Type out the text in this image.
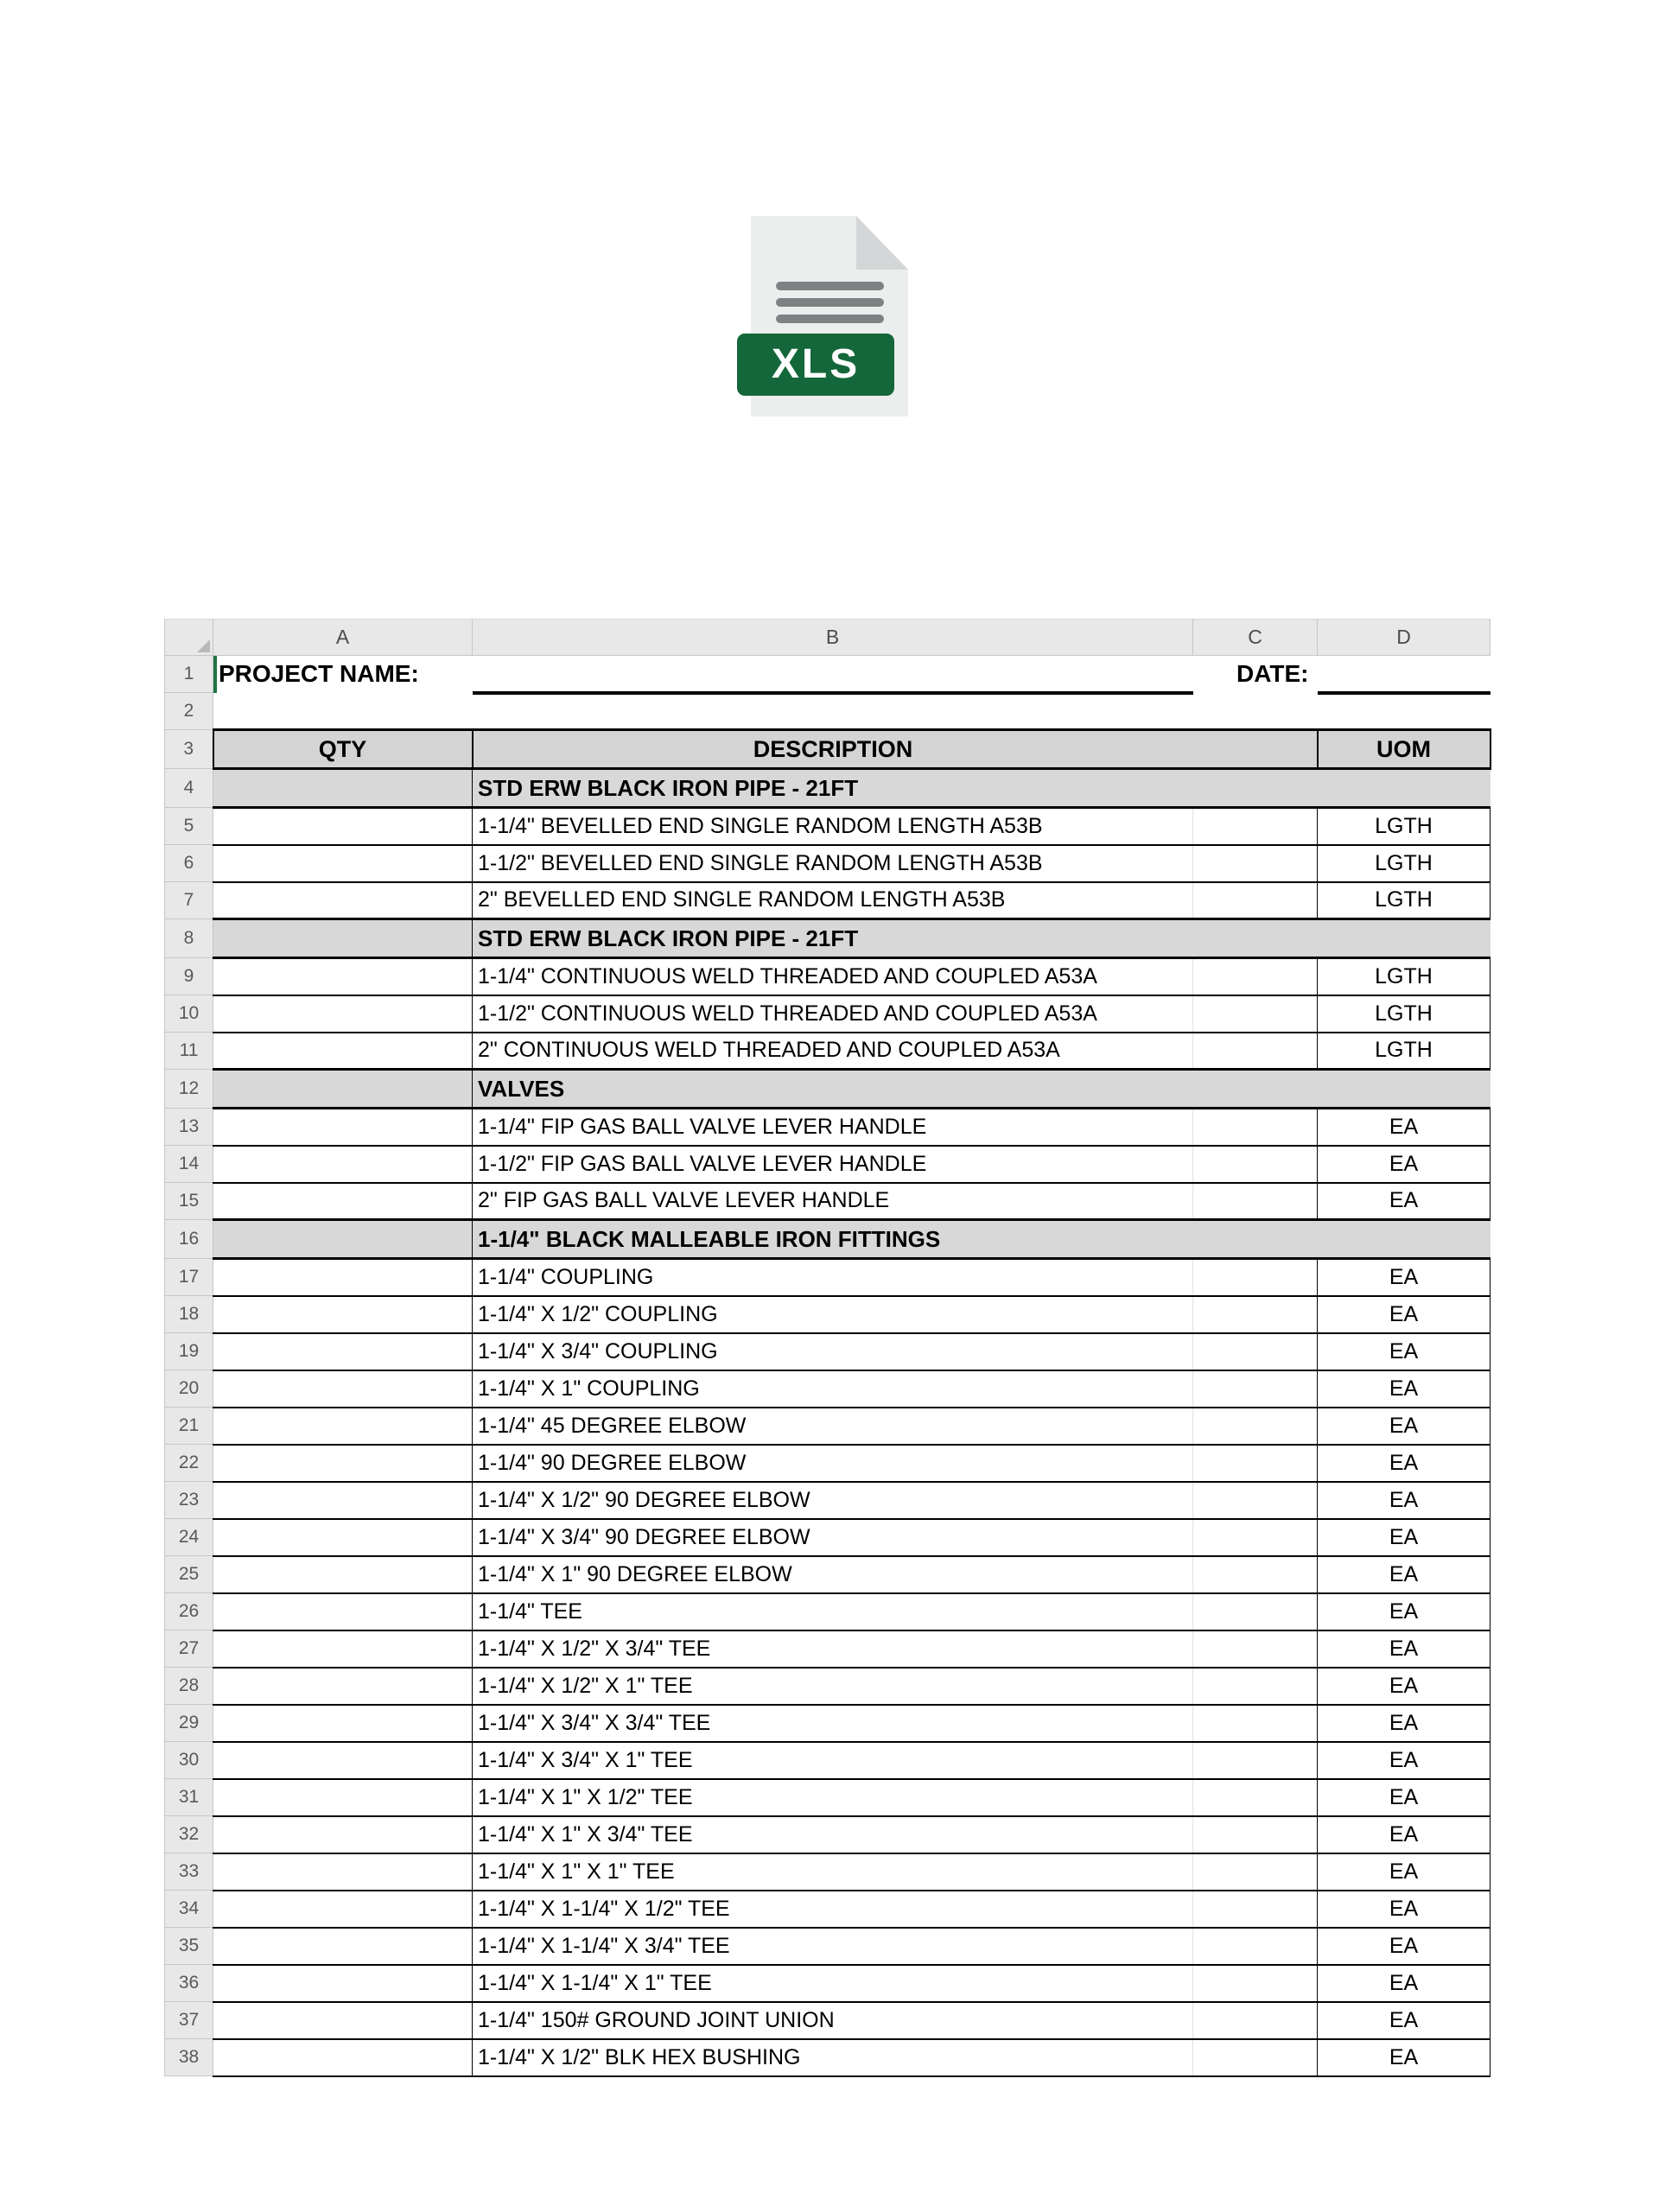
XLS
	A	B	C	D
1	PROJECT NAME:		DATE:	
2				
3	QTY	DESCRIPTION		UOM
4		STD ERW BLACK IRON PIPE - 21FT		
5		1-1/4" BEVELLED END SINGLE RANDOM LENGTH A53B		LGTH
6		1-1/2" BEVELLED END SINGLE RANDOM LENGTH A53B		LGTH
7		2" BEVELLED END SINGLE RANDOM LENGTH A53B		LGTH
8		STD ERW BLACK IRON PIPE - 21FT		
9		1-1/4" CONTINUOUS WELD THREADED AND COUPLED A53A		LGTH
10		1-1/2" CONTINUOUS WELD THREADED AND COUPLED A53A		LGTH
11		2" CONTINUOUS WELD THREADED AND COUPLED A53A		LGTH
12		VALVES		
13		1-1/4" FIP GAS BALL VALVE LEVER HANDLE		EA
14		1-1/2" FIP GAS BALL VALVE LEVER HANDLE		EA
15		2" FIP GAS BALL VALVE LEVER HANDLE		EA
16		1-1/4" BLACK MALLEABLE IRON FITTINGS		
17		1-1/4" COUPLING		EA
18		1-1/4" X 1/2" COUPLING		EA
19		1-1/4" X 3/4" COUPLING		EA
20		1-1/4" X 1" COUPLING		EA
21		1-1/4" 45 DEGREE ELBOW		EA
22		1-1/4" 90 DEGREE ELBOW		EA
23		1-1/4" X 1/2" 90 DEGREE ELBOW		EA
24		1-1/4" X 3/4" 90 DEGREE ELBOW		EA
25		1-1/4" X 1" 90 DEGREE ELBOW		EA
26		1-1/4" TEE		EA
27		1-1/4" X 1/2" X 3/4" TEE		EA
28		1-1/4" X 1/2" X 1" TEE		EA
29		1-1/4" X 3/4" X 3/4" TEE		EA
30		1-1/4" X 3/4" X 1" TEE		EA
31		1-1/4" X 1" X 1/2" TEE		EA
32		1-1/4" X 1" X 3/4" TEE		EA
33		1-1/4" X 1" X 1" TEE		EA
34		1-1/4" X 1-1/4" X 1/2" TEE		EA
35		1-1/4" X 1-1/4" X 3/4" TEE		EA
36		1-1/4" X 1-1/4" X 1" TEE		EA
37		1-1/4" 150# GROUND JOINT UNION		EA
38		1-1/4" X 1/2" BLK HEX BUSHING		EA
